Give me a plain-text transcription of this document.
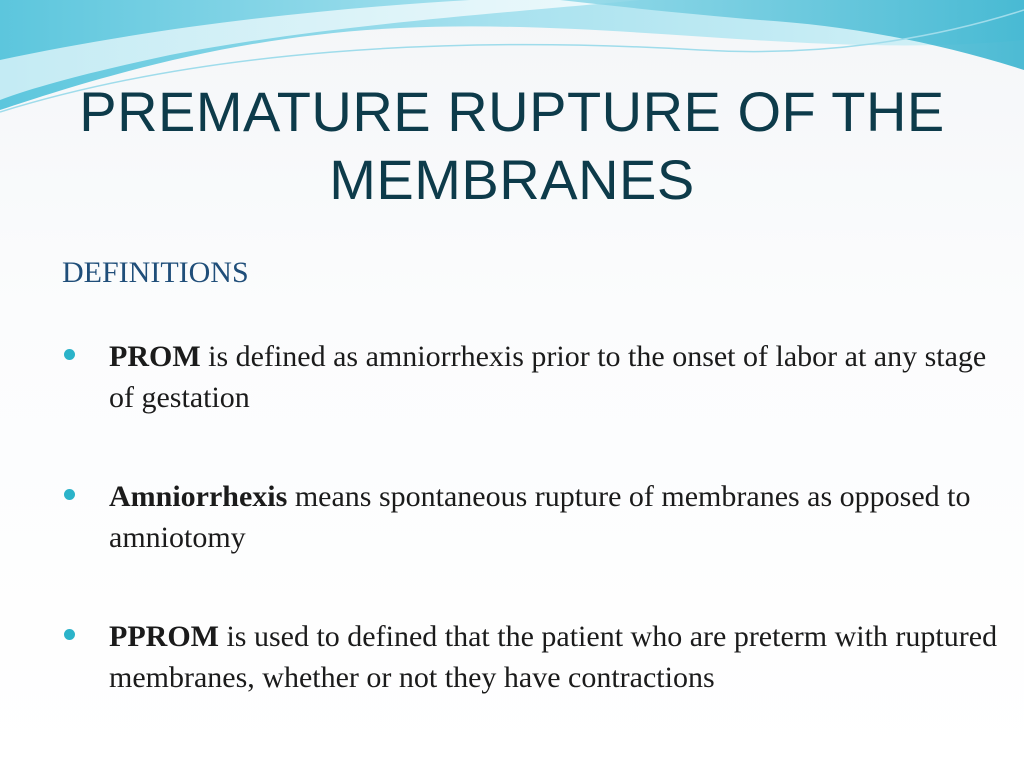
PREMATURE RUPTURE OF THE MEMBRANES
DEFINITIONS
PROM is defined as amniorrhexis prior to the onset of labor at any stage of gestation
Amniorrhexis means spontaneous rupture of membranes as opposed to amniotomy
PPROM is used to defined that the patient who are preterm with ruptured membranes, whether or not they have contractions
